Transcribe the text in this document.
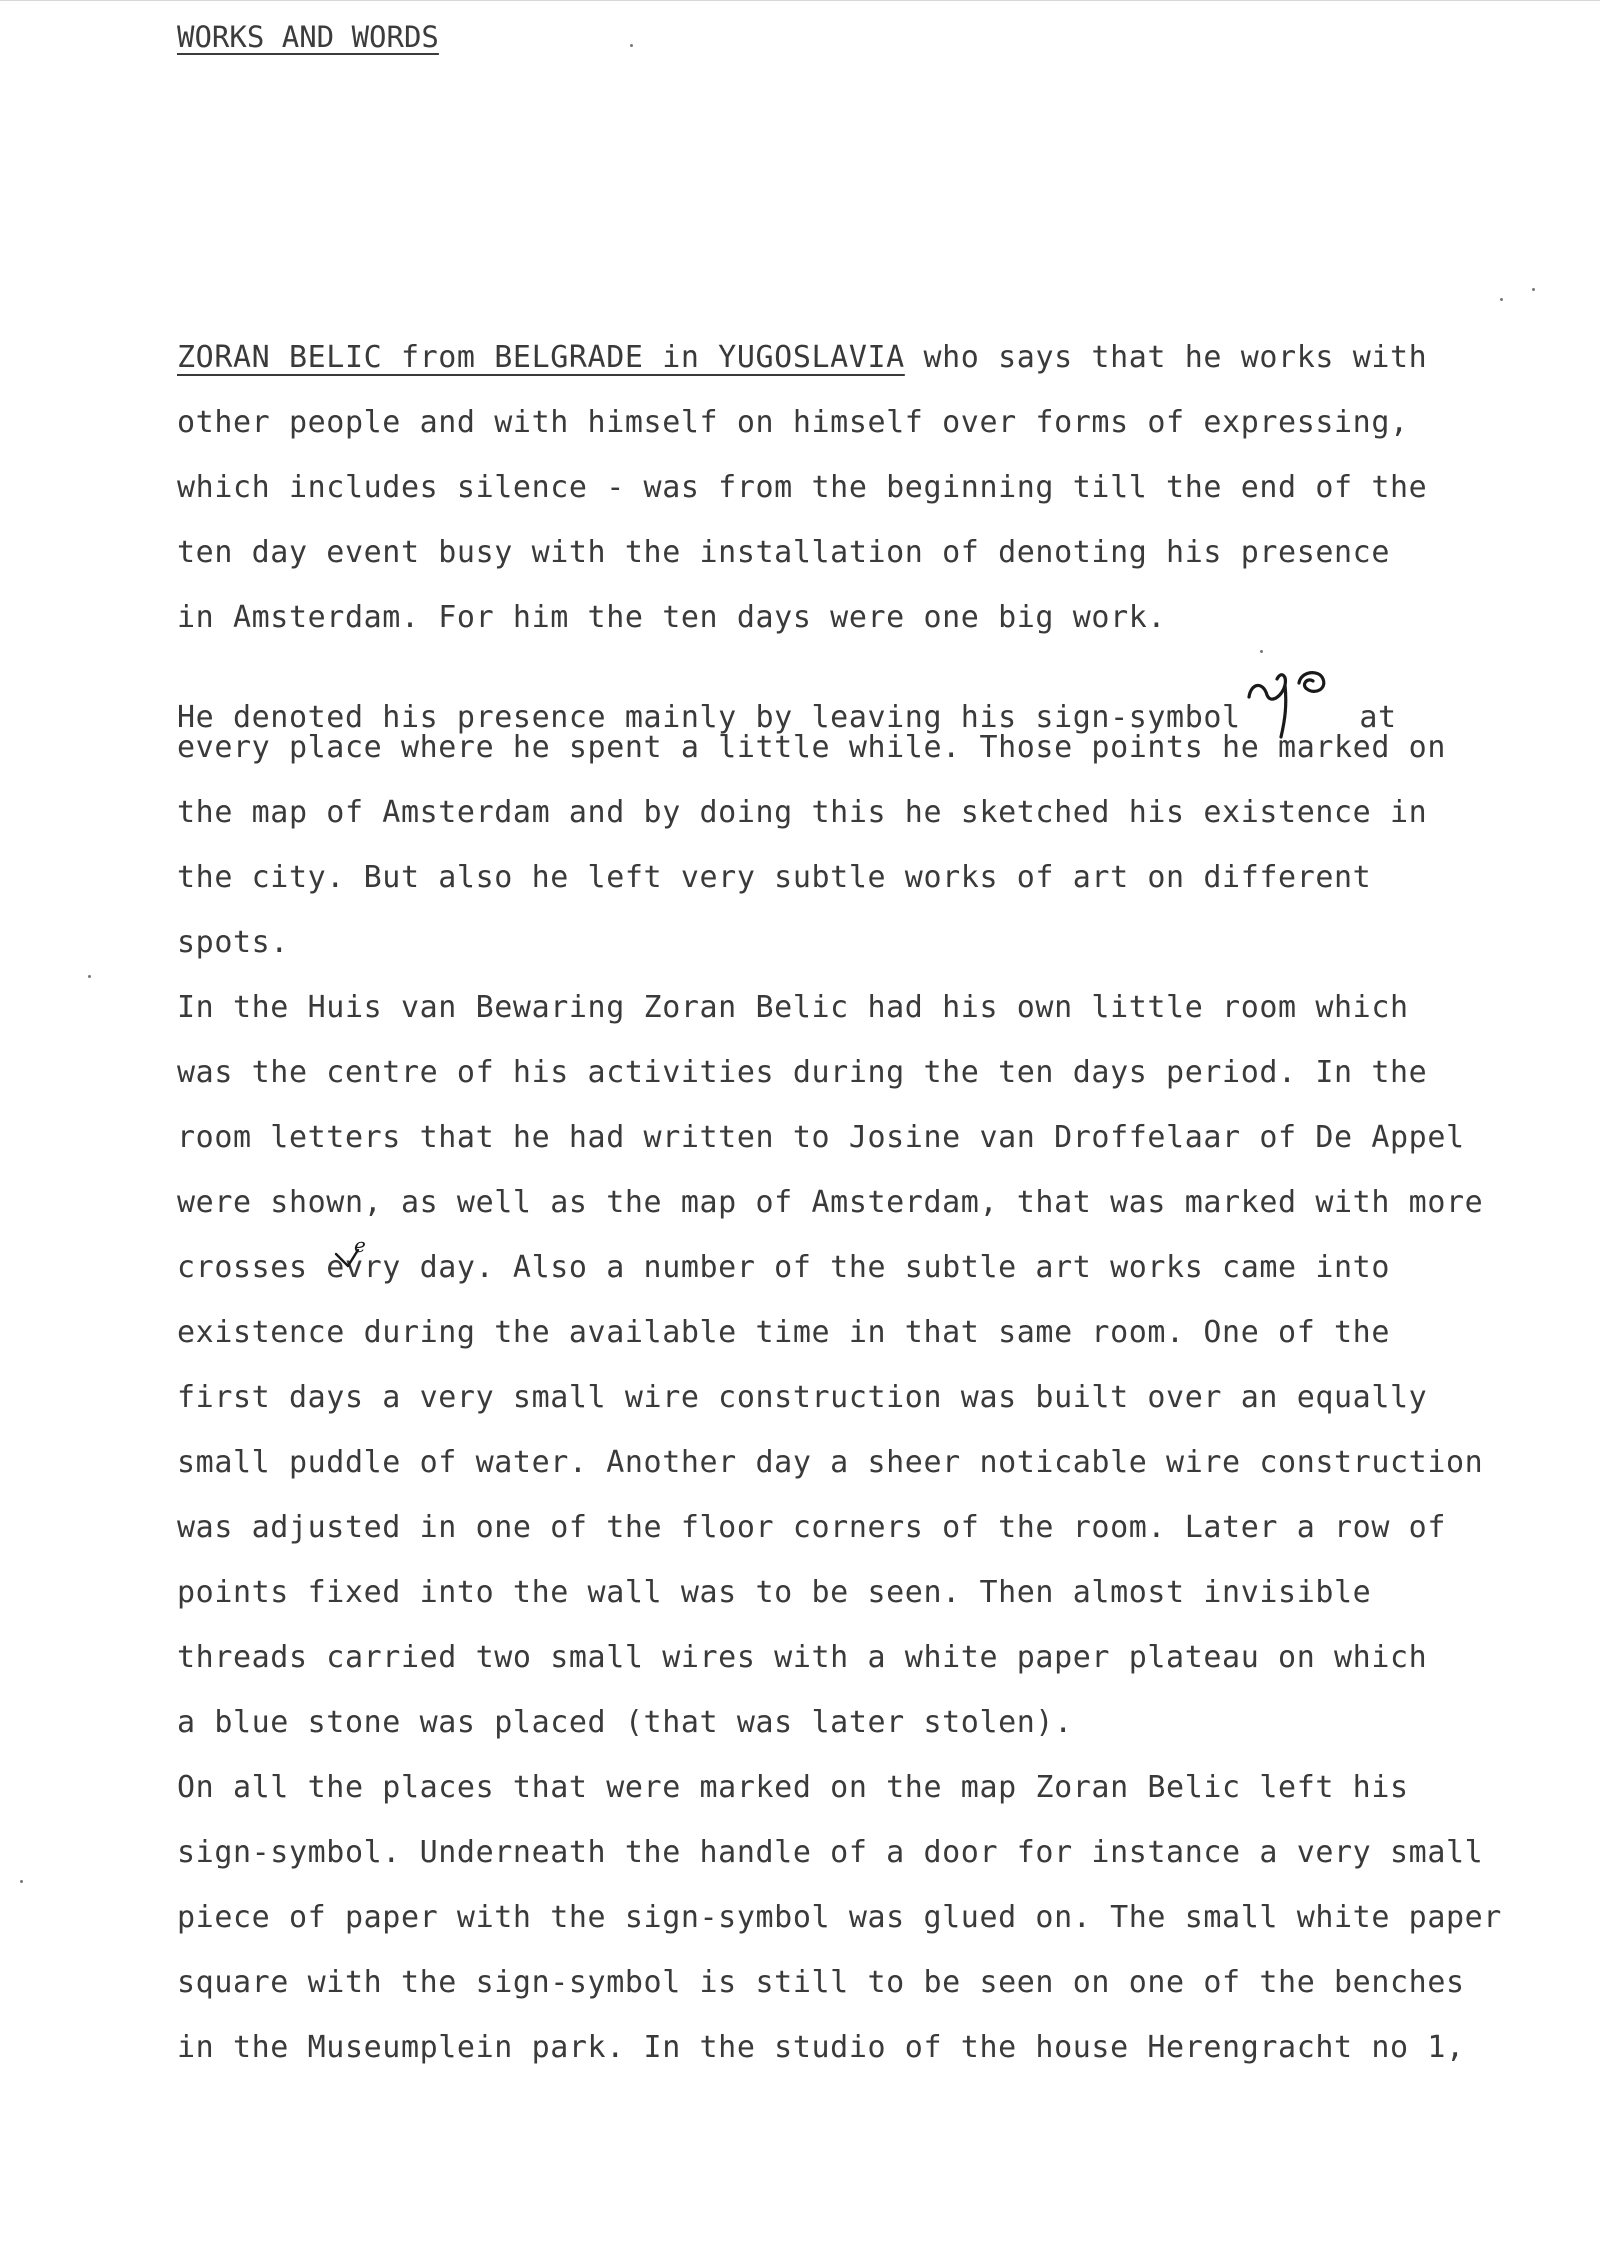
WORKS AND WORDS

ZORAN BELIC from BELGRADE in YUGOSLAVIA who says that he works with

other people and with himself on himself over forms of expressing,

which includes silence - was from the beginning till the end of the

ten day event busy with the installation of denoting his presence

in Amsterdam. For him the ten days were one big work.

He denoted his presence mainly by leaving his sign-symbol	at

every place where he spent a little while. Those points he marked on

the map of Amsterdam and by doing this he sketched his existence in

the city. But also he left very subtle works of art on different

spots.

In the Huis van Bewaring Zoran Belic had his own little room which

was the centre of his activities during the ten days period. In the

room letters that he had written to Josine van Droffelaar of De Appel

were shown, as well as the map of Amsterdam, that was marked with more

crosses evry day. Also a number of the subtle art works came into

existence during the available time in that same room. One of the

first days a very small wire construction was built over an equally

small puddle of water. Another day a sheer noticable wire construction

was adjusted in one of the floor corners of the room. Later a row of

points fixed into the wall was to be seen. Then almost invisible

threads carried two small wires with a white paper plateau on which

a blue stone was placed (that was later stolen).

On all the places that were marked on the map Zoran Belic left his

sign-symbol. Underneath the handle of a door for instance a very small

piece of paper with the sign-symbol was glued on. The small white paper

square with the sign-symbol is still to be seen on one of the benches

in the Museumplein park. In the studio of the house Herengracht no 1,

e
